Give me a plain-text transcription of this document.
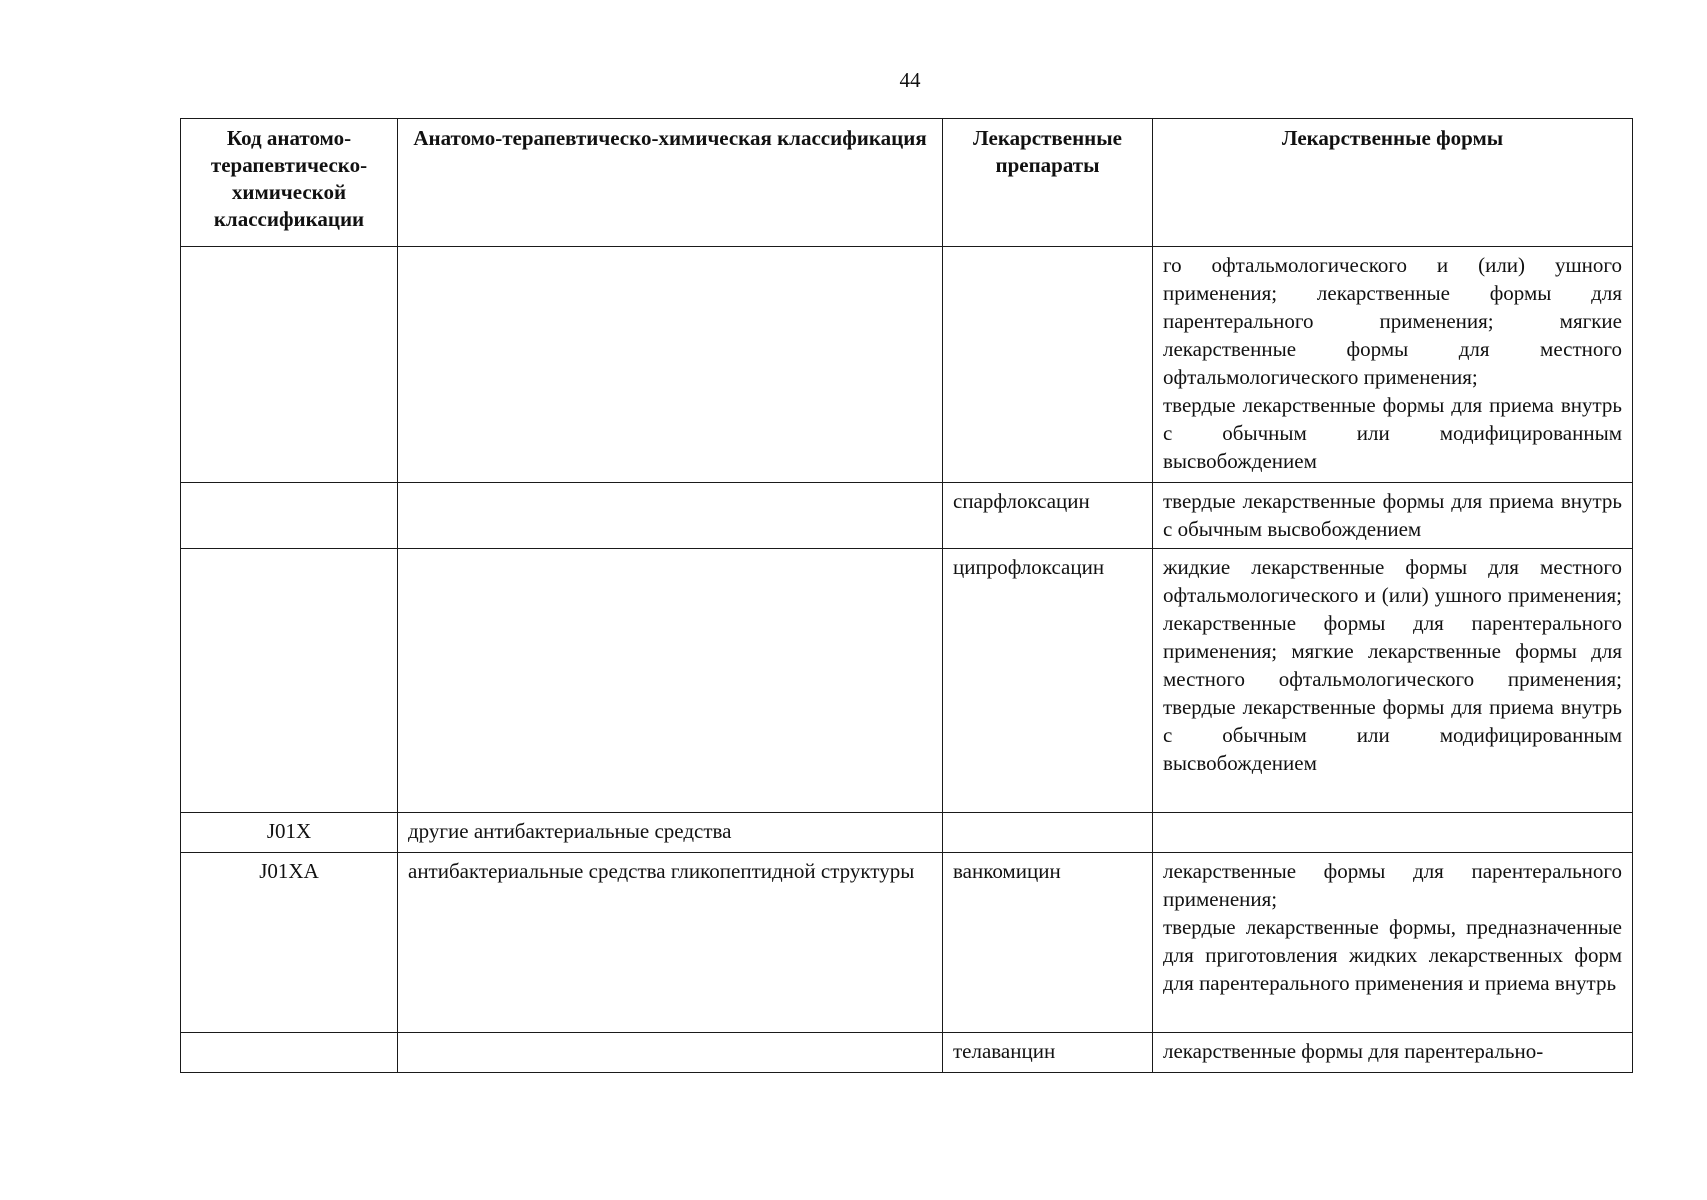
44
Код анатомо-терапевтическо-химической классификации	Анатомо-терапевтическо-химическая классификация	Лекарственные препараты	Лекарственные формы

			го офтальмологического и (или) ушного применения; лекарственные формы для парентерального применения; мягкие лекарственные формы для местного офтальмологического применения;
твердые лекарственные формы для приема внутрь с обычным или модифицированным высвобождением

		спарфлоксацин	твердые лекарственные формы для приема внутрь с обычным высвобождением

		ципрофлоксацин	жидкие лекарственные формы для местного офтальмологического и (или) ушного применения; лекарственные формы для парентерального применения; мягкие лекарственные формы для местного офтальмологического применения; твердые лекарственные формы для приема внутрь с обычным или модифицированным высвобождением

J01X	другие антибактериальные средства		
J01XA	антибактериальные средства гликопептидной структуры	ванкомицин	лекарственные формы для парентерального применения;
твердые лекарственные формы, предназначенные для приготовления жидких лекарственных форм для парентерального применения и приема внутрь

		телаванцин	лекарственные формы для парентерально-
